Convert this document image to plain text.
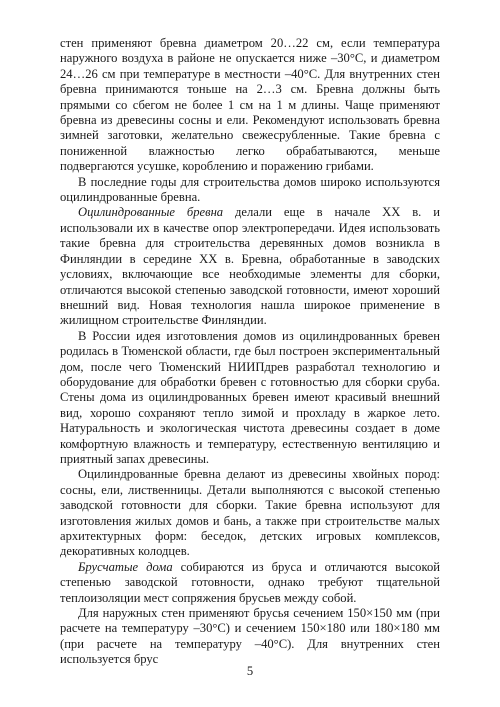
стен применяют бревна диаметром 20…22 см, если температура наружного воздуха в районе не опускается ниже –30°С, и диаметром 24…26 см при температуре в местности –40°С. Для внутренних стен бревна принимаются тоньше на 2…3 см. Бревна должны быть прямыми со сбегом не более 1 см на 1 м длины. Чаще применяют бревна из древесины сосны и ели. Рекомендуют использовать бревна зимней заготовки, желательно свежесрубленные. Такие бревна с пониженной влажностью легко обрабатываются, меньше подвергаются усушке, короблению и поражению грибами.

В последние годы для строительства домов широко используются оцилиндрованные бревна.

Оцилиндрованные бревна делали еще в начале XX в. и использовали их в качестве опор электропередачи. Идея использовать такие бревна для строительства деревянных домов возникла в Финляндии в середине XX в. Бревна, обработанные в заводских условиях, включающие все необходимые элементы для сборки, отличаются высокой степенью заводской готовности, имеют хороший внешний вид. Новая технология нашла широкое применение в жилищном строительстве Финляндии.

В России идея изготовления домов из оцилиндрованных бревен родилась в Тюменской области, где был построен экспериментальный дом, после чего Тюменский НИИПдрев разработал технологию и оборудование для обработки бревен с готовностью для сборки сруба. Стены дома из оцилиндрованных бревен имеют красивый внешний вид, хорошо сохраняют тепло зимой и прохладу в жаркое лето. Натуральность и экологическая чистота древесины создает в доме комфортную влажность и температуру, естественную вентиляцию и приятный запах древесины.

Оцилиндрованные бревна делают из древесины хвойных пород: сосны, ели, лиственницы. Детали выполняются с высокой степенью заводской готовности для сборки. Такие бревна используют для изготовления жилых домов и бань, а также при строительстве малых архитектурных форм: беседок, детских игровых комплексов, декоративных колодцев.

Брусчатые дома собираются из бруса и отличаются высокой степенью заводской готовности, однако требуют тщательной теплоизоляции мест сопряжения брусьев между собой.

Для наружных стен применяют брусья сечением 150×150 мм (при расчете на температуру –30°С) и сечением 150×180 или 180×180 мм (при расчете на температуру –40°С). Для внутренних стен используется брус

5
